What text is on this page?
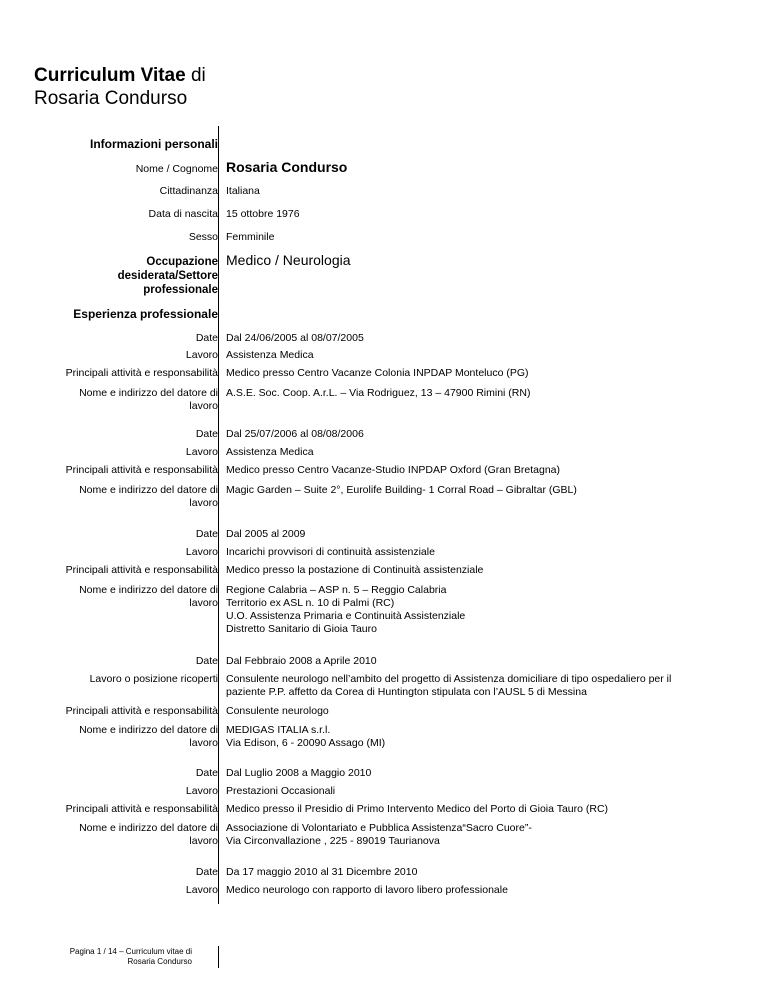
Curriculum Vitae di
Rosaria Condurso
Informazioni personali
Nome / Cognome Rosaria Condurso
Cittadinanza Italiana
Data di nascita 15 ottobre 1976
Sesso Femminile
Occupazione
desiderata/Settore
professionale
Medico / Neurologia
Esperienza professionale
Date Dal 24/06/2005 al 08/07/2005
Lavoro Assistenza Medica
Principali attività e responsabilità Medico presso Centro Vacanze Colonia INPDAP Monteluco (PG)
Nome e indirizzo del datore di
lavoro
A.S.E. Soc. Coop. A.r.L. – Via Rodriguez, 13 – 47900 Rimini (RN)
Date Dal 25/07/2006 al 08/08/2006
Lavoro Assistenza Medica
Principali attività e responsabilità Medico presso Centro Vacanze-Studio INPDAP Oxford (Gran Bretagna)
Nome e indirizzo del datore di
lavoro
Magic Garden – Suite 2°, Eurolife Building- 1 Corral Road – Gibraltar (GBL)
Date Dal 2005 al 2009
Lavoro Incarichi provvisori di continuità assistenziale
Principali attività e responsabilità Medico presso la postazione di Continuità assistenziale
Nome e indirizzo del datore di
lavoro
Regione Calabria – ASP n. 5 – Reggio Calabria
Territorio ex ASL n. 10 di Palmi (RC)
U.O. Assistenza Primaria e Continuità Assistenziale
Distretto Sanitario di Gioia Tauro
Date Dal Febbraio 2008 a Aprile 2010
Lavoro o posizione ricoperti Consulente neurologo nell’ambito del progetto di Assistenza domiciliare di tipo ospedaliero per il
paziente P.P. affetto da Corea di Huntington stipulata con l’AUSL 5 di Messina
Principali attività e responsabilità Consulente neurologo
Nome e indirizzo del datore di
lavoro
MEDIGAS ITALIA s.r.l.
Via Edison, 6 - 20090 Assago (MI)
Date Dal Luglio 2008 a Maggio 2010
Lavoro Prestazioni Occasionali
Principali attività e responsabilità Medico presso il Presidio di Primo Intervento Medico del Porto di Gioia Tauro (RC)
Nome e indirizzo del datore di
lavoro
Associazione di Volontariato e Pubblica Assistenza“Sacro Cuore”-
Via Circonvallazione , 225 - 89019 Taurianova
Date Da 17 maggio 2010 al 31 Dicembre 2010
Lavoro Medico neurologo con rapporto di lavoro libero professionale
Pagina 1 / 14 – Curriculum vitae di
Rosaria Condurso
